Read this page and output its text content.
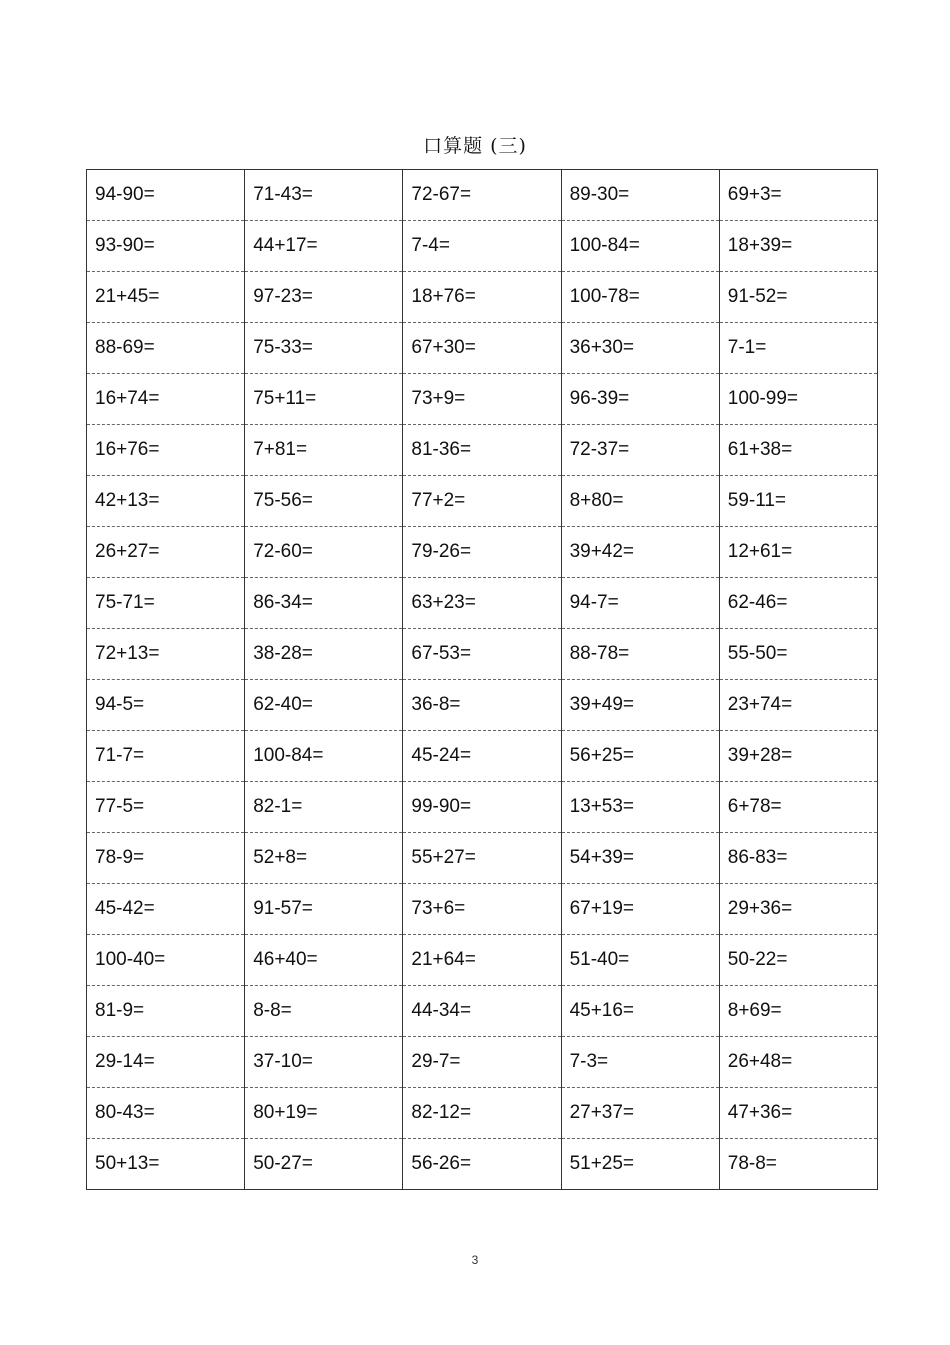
口算题 (三)
94-90=	71-43=	72-67=	89-30=	69+3=
93-90=	44+17=	7-4=	100-84=	18+39=
21+45=	97-23=	18+76=	100-78=	91-52=
88-69=	75-33=	67+30=	36+30=	7-1=
16+74=	75+11=	73+9=	96-39=	100-99=
16+76=	7+81=	81-36=	72-37=	61+38=
42+13=	75-56=	77+2=	8+80=	59-11=
26+27=	72-60=	79-26=	39+42=	12+61=
75-71=	86-34=	63+23=	94-7=	62-46=
72+13=	38-28=	67-53=	88-78=	55-50=
94-5=	62-40=	36-8=	39+49=	23+74=
71-7=	100-84=	45-24=	56+25=	39+28=
77-5=	82-1=	99-90=	13+53=	6+78=
78-9=	52+8=	55+27=	54+39=	86-83=
45-42=	91-57=	73+6=	67+19=	29+36=
100-40=	46+40=	21+64=	51-40=	50-22=
81-9=	8-8=	44-34=	45+16=	8+69=
29-14=	37-10=	29-7=	7-3=	26+48=
80-43=	80+19=	82-12=	27+37=	47+36=
50+13=	50-27=	56-26=	51+25=	78-8=
3
